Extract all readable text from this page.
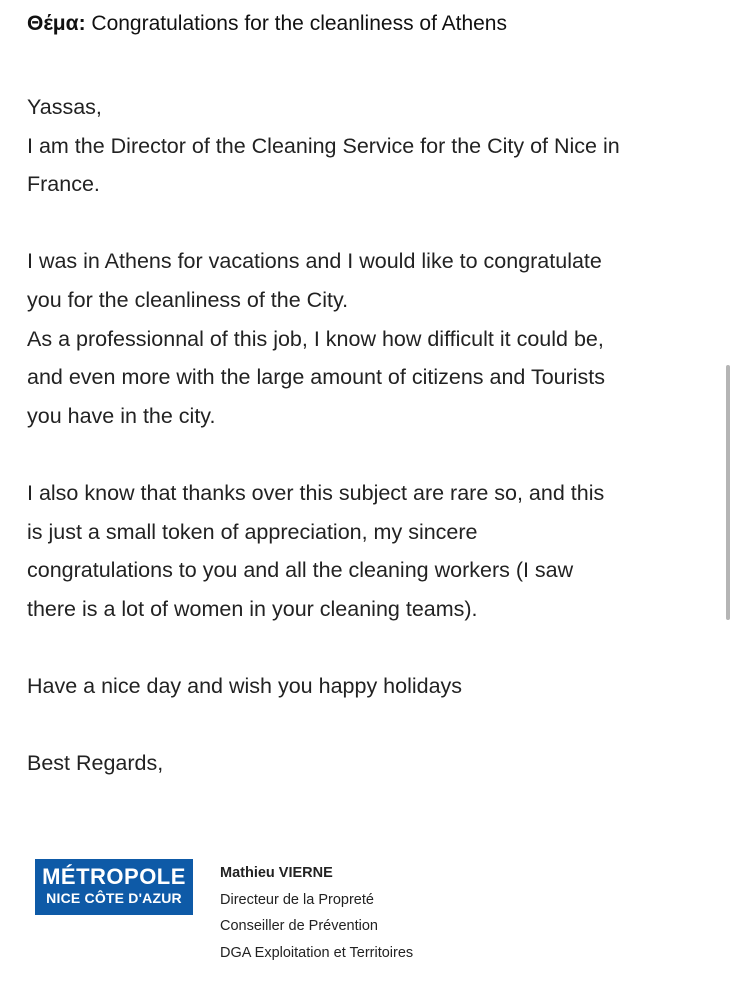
Θέμα: Congratulations for the cleanliness of Athens
Yassas,
I am the Director of the Cleaning Service for the City of Nice in
France.
I was in Athens for vacations and I would like to congratulate
you for the cleanliness of the City.
As a professionnal of this job, I know how difficult it could be,
and even more with the large amount of citizens and Tourists
you have in the city.
I also know that thanks over this subject are rare so, and this
is just a small token of appreciation, my sincere
congratulations to you and all the cleaning workers (I saw
there is a lot of women in your cleaning teams).
Have a nice day and wish you happy holidays
Best Regards,
MÉTROPOLE
NICE CÔTE D'AZUR
Mathieu VIERNE
Directeur de la Propreté
Conseiller de Prévention
DGA Exploitation et Territoires
